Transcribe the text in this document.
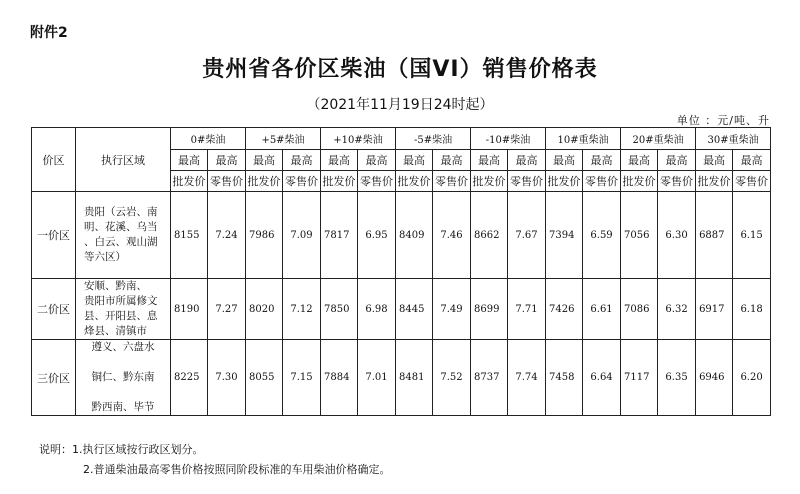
附件2
贵州省各价区柴油（国VI）销售价格表
（2021年11月19日24时起）
单位 ：元/吨、升
价区	执行区域	0#柴油		+5#柴油		+10#柴油		-5#柴油		-10#柴油		10#重柴油		20#重柴油		30#重柴油	
		最高	最高	最高	最高	最高	最高	最高	最高	最高	最高	最高	最高	最高	最高	最高	最高
		批发价	零售价	批发价	零售价	批发价	零售价	批发价	零售价	批发价	零售价	批发价	零售价	批发价	零售价	批发价	零售价
一价区	贵阳（云岩、南
明、花溪、乌当
、白云、观山湖
等六区）	8155	7.24	7986	7.09	7817	6.95	8409	7.46	8662	7.67	7394	6.59	7056	6.30	6887	6.15
二价区	安顺、黔南、
贵阳市所属修文
县、开阳县、息
烽县、清镇市	8190	7.27	8020	7.12	7850	6.98	8445	7.49	8699	7.71	7426	6.61	7086	6.32	6917	6.18
三价区	遵义、六盘水

铜仁、黔东南

黔西南、毕节	8225	7.30	8055	7.15	7884	7.01	8481	7.52	8737	7.74	7458	6.64	7117	6.35	6946	6.20
说明：1.执行区域按行政区划分。
2.普通柴油最高零售价格按照同阶段标准的车用柴油价格确定。
